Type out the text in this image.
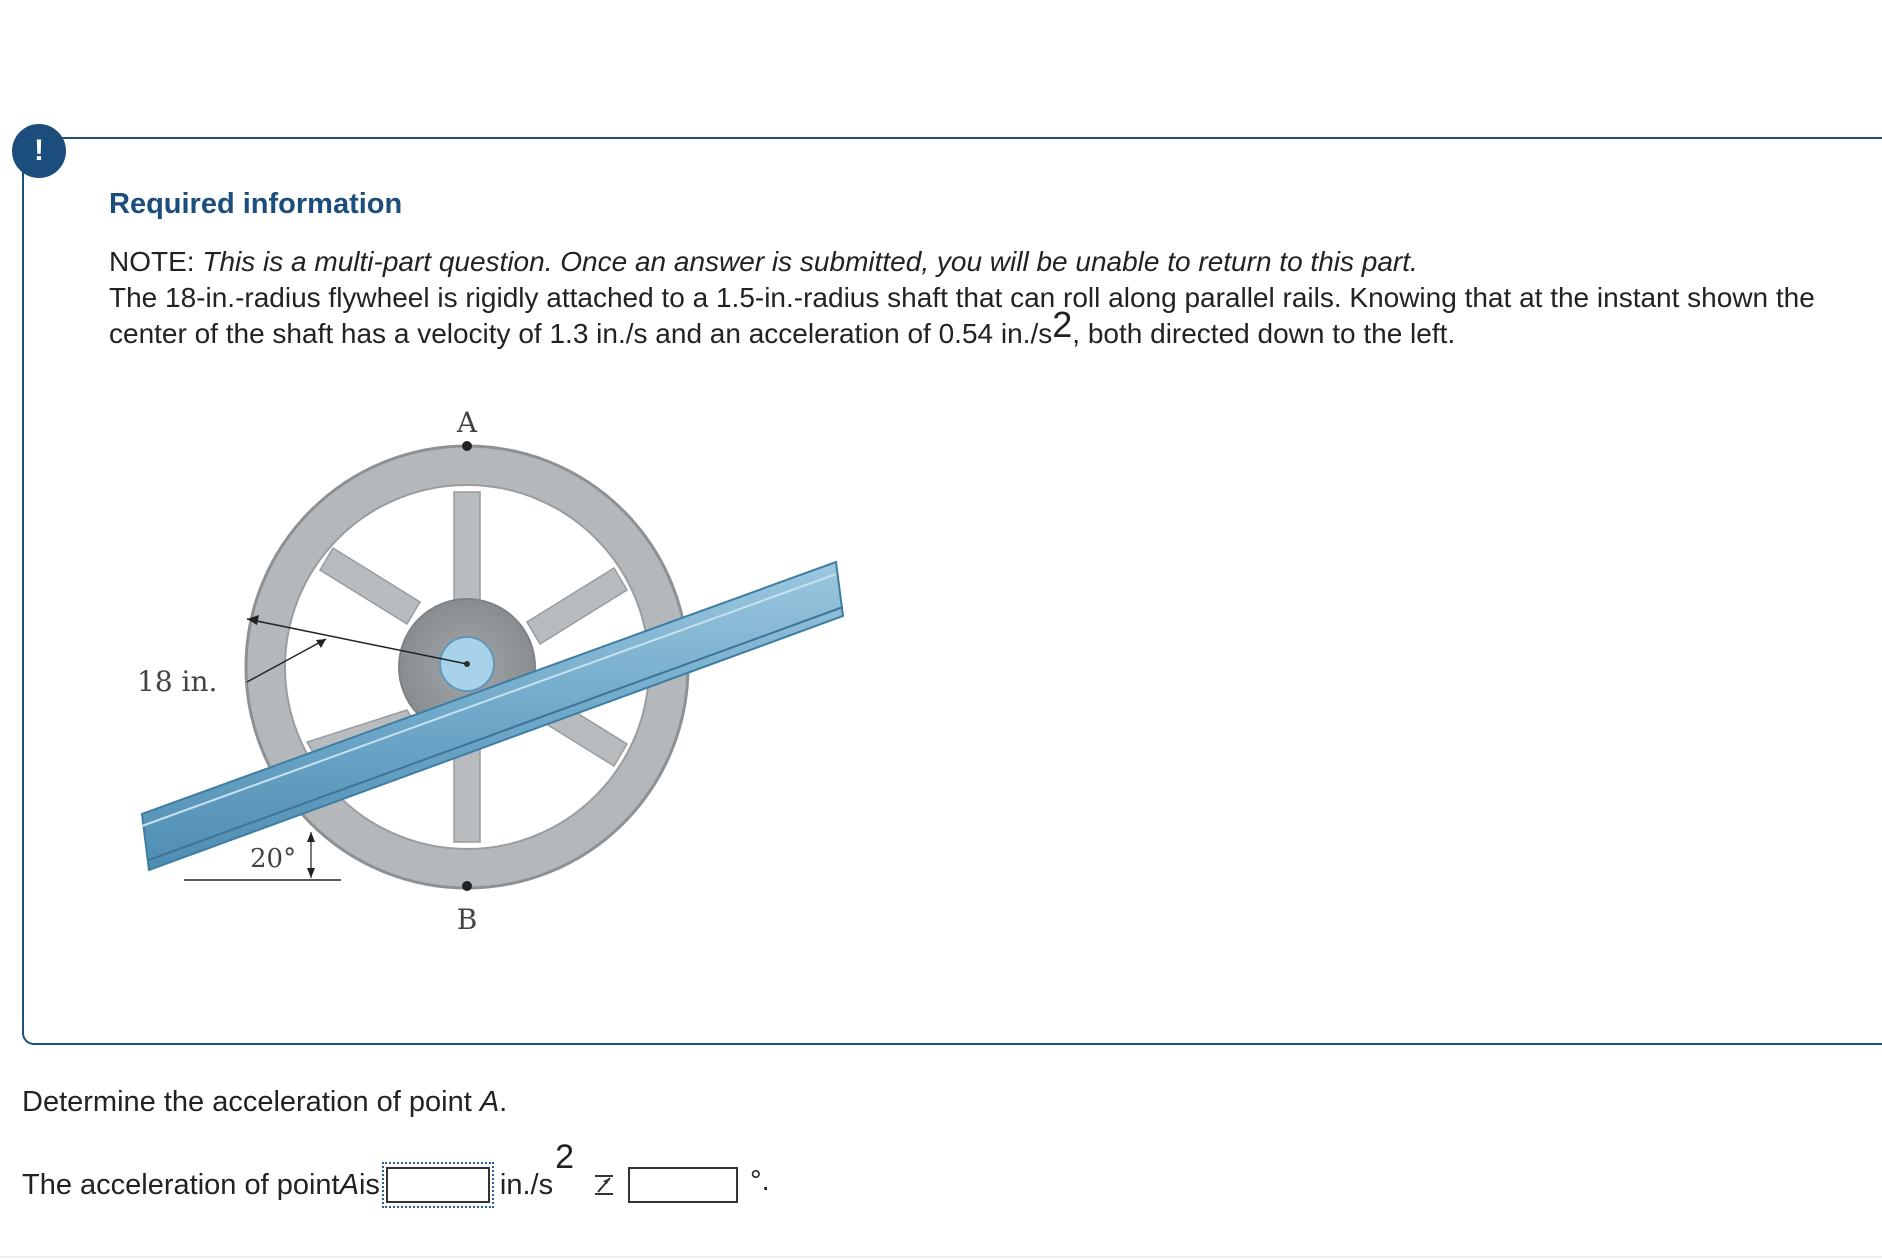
!
Required information

NOTE: This is a multi-part question. Once an answer is submitted, you will be unable to return to this part.
The 18-in.-radius flywheel is rigidly attached to a 1.5-in.-radius shaft that can roll along parallel rails. Knowing that at the instant shown the center of the shaft has a velocity of 1.3 in./s and an acceleration of 0.54 $in./s^2$, both directed down to the left.

A
B
18 in.
20°

Determine the acceleration of point A.

The acceleration of point A is	in./s
$^2$
°.
